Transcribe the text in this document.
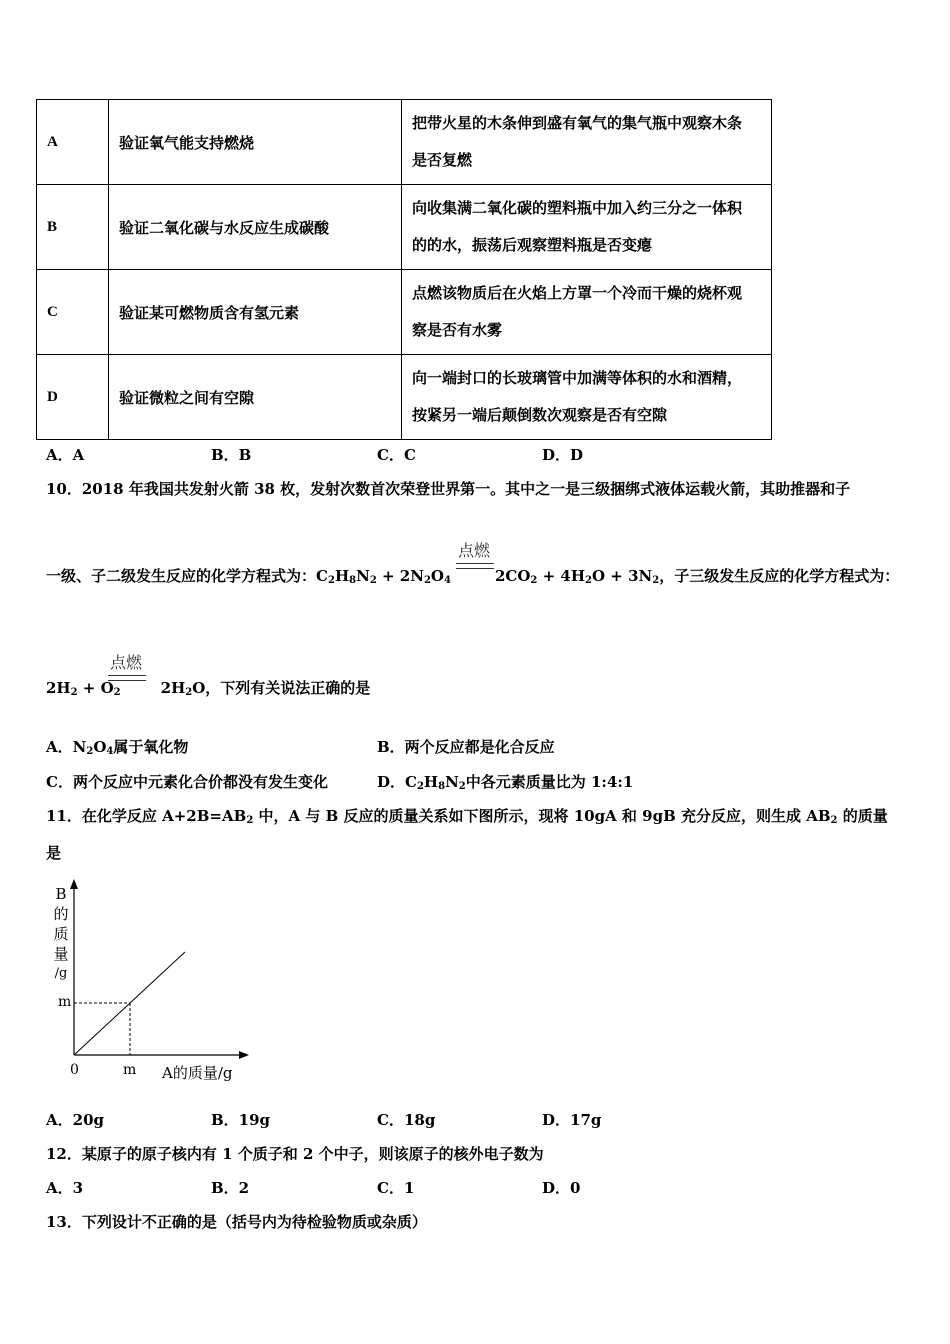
A	验证氧气能支持燃烧	把带火星的木条伸到盛有氧气的集气瓶中观察木条
是否复燃
B	验证二氧化碳与水反应生成碳酸	向收集满二氧化碳的塑料瓶中加入约三分之一体积
的的水，振荡后观察塑料瓶是否变瘪
C	验证某可燃物质含有氢元素	点燃该物质后在火焰上方罩一个冷而干燥的烧杯观
察是否有水雾
D	验证微粒之间有空隙	向一端封口的长玻璃管中加满等体积的水和酒精，
按紧另一端后颠倒数次观察是否有空隙
A．A	B．B	C．C	D．D
10．2018 年我国共发射火箭 38 枚，发射次数首次荣登世界第一。其中之一是三级捆绑式液体运载火箭，其助推器和子
点燃
一级、子二级发生反应的化学方程式为：$C_2H_8N_2 + 2N_2O_4$	$2CO_2 + 4H_2O + 3N_2$，子三级发生反应的化学方程式为：
点燃
$2H_2 + O_2$	$2H_2O$，下列有关说法正确的是
A．$N_2O_4$属于氧化物	B．两个反应都是化合反应
C．两个反应中元素化合价都没有发生变化	D．$C_2H_8N_2$中各元素质量比为 1:4:1
11．在化学反应 $A+2B=AB_2$ 中，A 与 B 反应的质量关系如下图所示，现将 10gA 和 9gB 充分反应，则生成 $AB_2$ 的质量
是
B
的
质
量
/g
m
0	m A的质量/g
A．20g	B．19g	C．18g	D．17g
12．某原子的原子核内有 1 个质子和 2 个中子，则该原子的核外电子数为
A．3	B．2	C．1	D．0
13．下列设计不正确的是（括号内为待检验物质或杂质）
